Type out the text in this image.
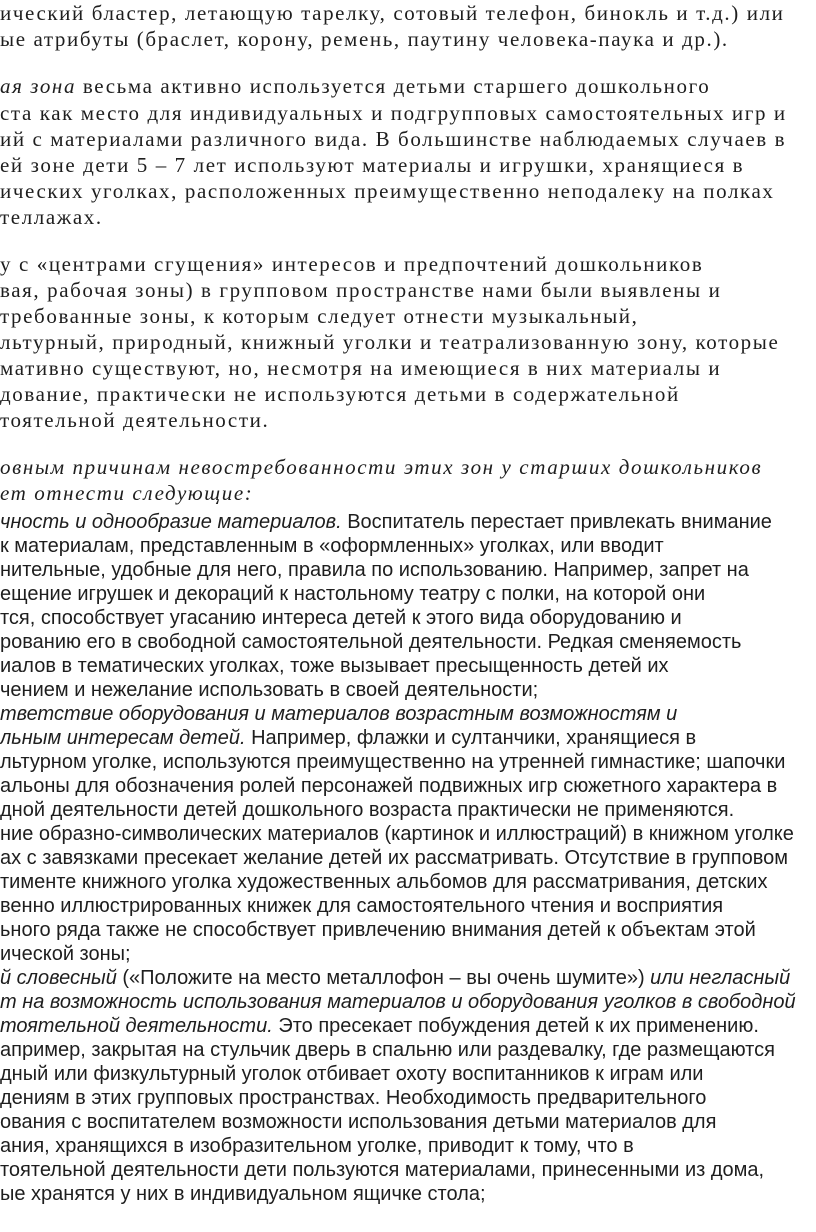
ический бластер, летающую тарелку, сотовый телефон, бинокль и т.д.) или
ые атрибуты (браслет, корону, ремень, паутину человека-паука и др.).
ая зона весьма активно используется детьми старшего дошкольного
ста как место для индивидуальных и подгрупповых самостоятельных игр и
ий с материалами различного вида. В большинстве наблюдаемых случаев в
ей зоне дети 5 – 7 лет используют материалы и игрушки, хранящиеся в
ических уголках, расположенных преимущественно неподалеку на полках
теллажах.
у с «центрами сгущения» интересов и предпочтений дошкольников
вая, рабочая зоны) в групповом пространстве нами были выявлены и
требованные зоны, к которым следует отнести музыкальный,
льтурный, природный, книжный уголки и театрализованную зону, которые
мативно существуют, но, несмотря на имеющиеся в них материалы и
дование, практически не используются детьми в содержательной
тоятельной деятельности.
овным причинам невостребованности этих зон у старших дошкольников
ет отнести следующие:
чность и однообразие материалов. Воспитатель перестает привлекать внимание
к материалам, представленным в «оформленных» уголках, или вводит
нительные, удобные для него, правила по использованию. Например, запрет на
ещение игрушек и декораций к настольному театру с полки, на которой они
тся, способствует угасанию интереса детей к этого вида оборудованию и
рованию его в свободной самостоятельной деятельности. Редкая сменяемость
иалов в тематических уголках, тоже вызывает пресыщенность детей их
чением и нежелание использовать в своей деятельности;
тветствие оборудования и материалов возрастным возможностям и
льным интересам детей. Например, флажки и султанчики, хранящиеся в
льтурном уголке, используются преимущественно на утренней гимнастике; шапочки
альоны для обозначения ролей персонажей подвижных игр сюжетного характера в
дной деятельности детей дошкольного возраста практически не применяются.
ние образно-символических материалов (картинок и иллюстраций) в книжном уголке
ах с завязками пресекает желание детей их рассматривать. Отсутствие в групповом
тименте книжного уголка художественных альбомов для рассматривания, детских
венно иллюстрированных книжек для самостоятельного чтения и восприятия
ьного ряда также не способствует привлечению внимания детей к объектам этой
ической зоны;
й словесный («Положите на место металлофон – вы очень шумите») или негласный
т на возможность использования материалов и оборудования уголков в свободной
тоятельной деятельности. Это пресекает побуждения детей к их применению.
апример, закрытая на стульчик дверь в спальню или раздевалку, где размещаются
дный или физкультурный уголок отбивает охоту воспитанников к играм или
дениям в этих групповых пространствах. Необходимость предварительного
ования с воспитателем возможности использования детьми материалов для
ания, хранящихся в изобразительном уголке, приводит к тому, что в
тоятельной деятельности дети пользуются материалами, принесенными из дома,
ые хранятся у них в индивидуальном ящичке стола;
